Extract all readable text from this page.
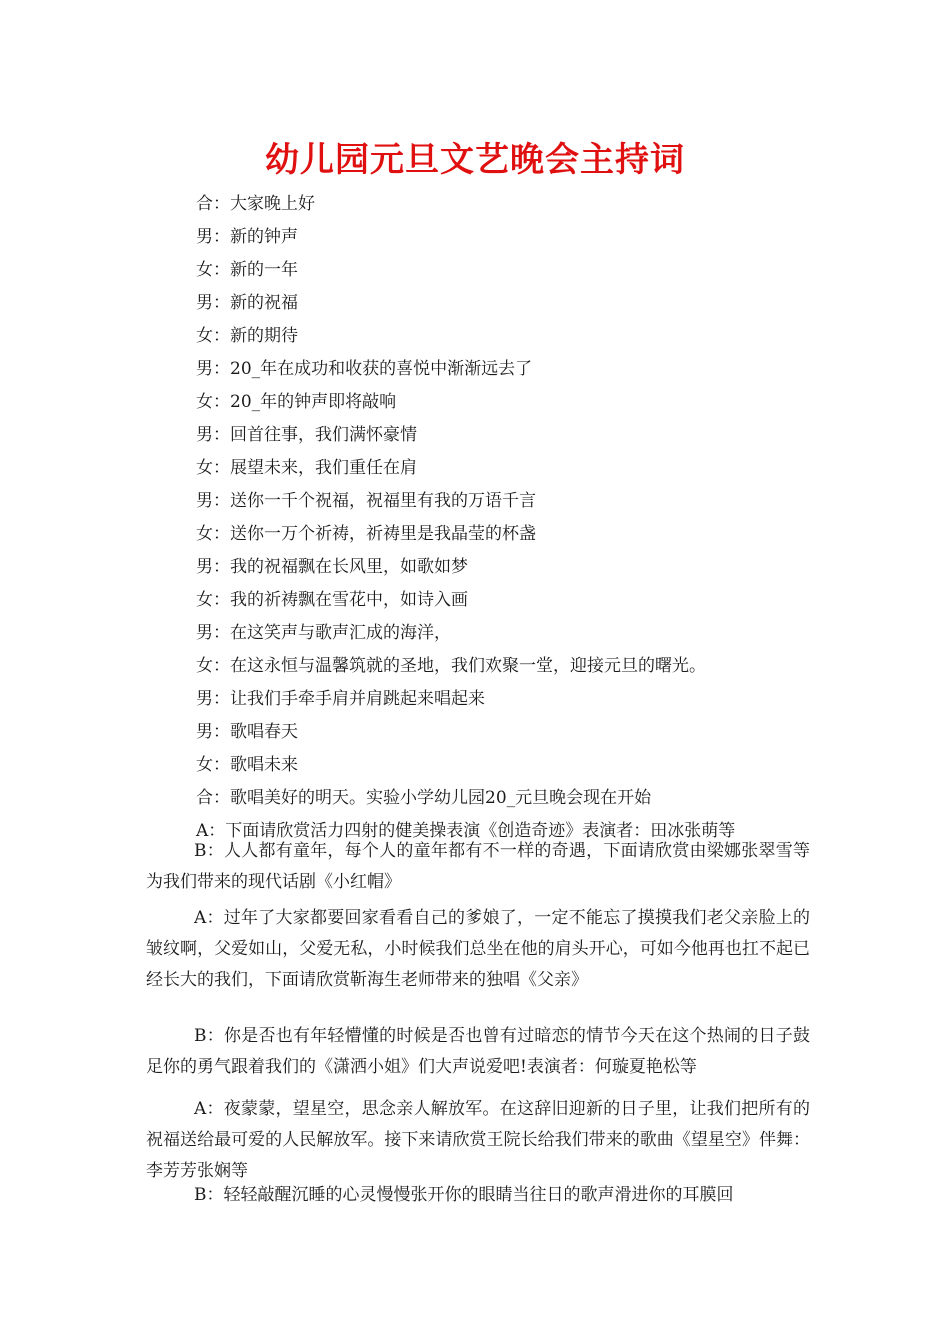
幼儿园元旦文艺晚会主持词
合：大家晚上好
男：新的钟声
女：新的一年
男：新的祝福
女：新的期待
男：20_年在成功和收获的喜悦中渐渐远去了
女：20_年的钟声即将敲响
男：回首往事，我们满怀豪情
女：展望未来，我们重任在肩
男：送你一千个祝福，祝福里有我的万语千言
女：送你一万个祈祷，祈祷里是我晶莹的杯盏
男：我的祝福飘在长风里，如歌如梦
女：我的祈祷飘在雪花中，如诗入画
男：在这笑声与歌声汇成的海洋，
女：在这永恒与温馨筑就的圣地，我们欢聚一堂，迎接元旦的曙光。
男：让我们手牵手肩并肩跳起来唱起来
男：歌唱春天
女：歌唱未来
合：歌唱美好的明天。实验小学幼儿园20_元旦晚会现在开始
A：下面请欣赏活力四射的健美操表演《创造奇迹》表演者：田冰张萌等

B：人人都有童年，每个人的童年都有不一样的奇遇，下面请欣赏由梁娜张翠雪等为我们带来的现代话剧《小红帽》

A：过年了大家都要回家看看自己的爹娘了，一定不能忘了摸摸我们老父亲脸上的皱纹啊，父爱如山，父爱无私，小时候我们总坐在他的肩头开心，可如今他再也扛不起已经长大的我们，下面请欣赏靳海生老师带来的独唱《父亲》

B：你是否也有年轻懵懂的时候是否也曾有过暗恋的情节今天在这个热闹的日子鼓足你的勇气跟着我们的《潇洒小姐》们大声说爱吧!表演者：何璇夏艳松等

A：夜蒙蒙，望星空，思念亲人解放军。在这辞旧迎新的日子里，让我们把所有的祝福送给最可爱的人民解放军。接下来请欣赏王院长给我们带来的歌曲《望星空》伴舞：李芳芳张娴等

B：轻轻敲醒沉睡的心灵慢慢张开你的眼睛当往日的歌声滑进你的耳膜回
